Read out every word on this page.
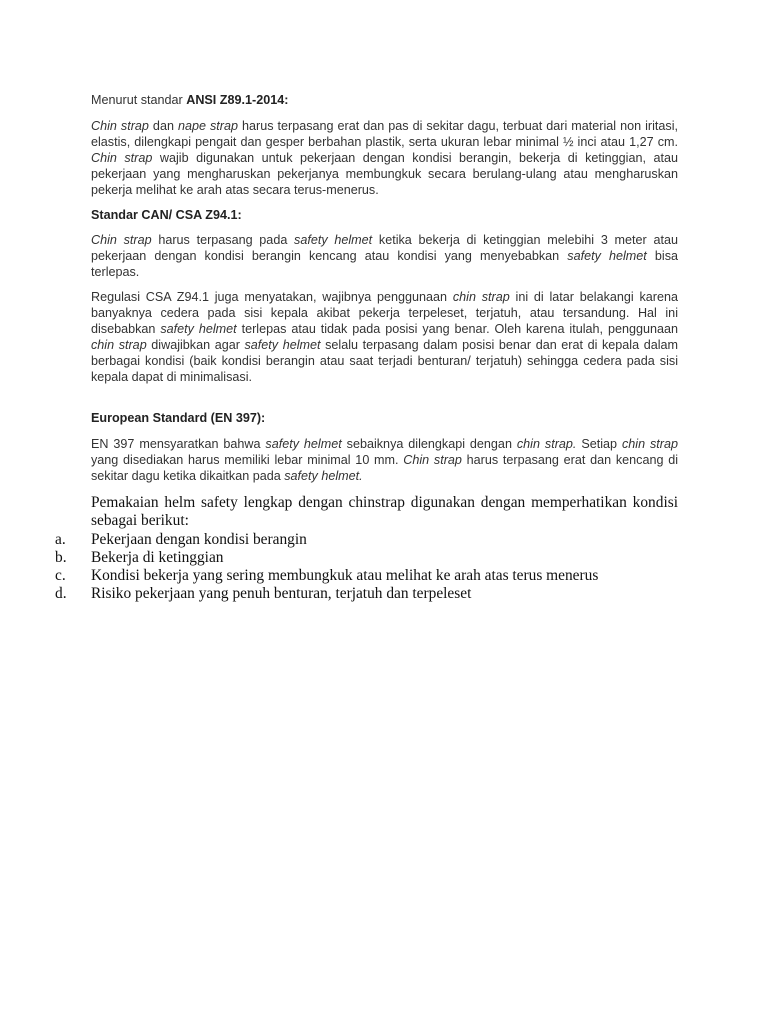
Menurut standar ANSI Z89.1-2014:

Chin strap dan nape strap harus terpasang erat dan pas di sekitar dagu, terbuat dari material non iritasi, elastis, dilengkapi pengait dan gesper berbahan plastik, serta ukuran lebar minimal ½ inci atau 1,27 cm. Chin strap wajib digunakan untuk pekerjaan dengan kondisi berangin, bekerja di ketinggian, atau pekerjaan yang mengharuskan pekerjanya membungkuk secara berulang-ulang atau mengharuskan pekerja melihat ke arah atas secara terus-menerus.

Standar CAN/ CSA Z94.1:

Chin strap harus terpasang pada safety helmet ketika bekerja di ketinggian melebihi 3 meter atau pekerjaan dengan kondisi berangin kencang atau kondisi yang menyebabkan safety helmet bisa terlepas.

Regulasi CSA Z94.1 juga menyatakan, wajibnya penggunaan chin strap ini di latar belakangi karena banyaknya cedera pada sisi kepala akibat pekerja terpeleset, terjatuh, atau tersandung. Hal ini disebabkan safety helmet terlepas atau tidak pada posisi yang benar. Oleh karena itulah, penggunaan chin strap diwajibkan agar safety helmet selalu terpasang dalam posisi benar dan erat di kepala dalam berbagai kondisi (baik kondisi berangin atau saat terjadi benturan/ terjatuh) sehingga cedera pada sisi kepala dapat di minimalisasi.

European Standard (EN 397):

EN 397 mensyaratkan bahwa safety helmet sebaiknya dilengkapi dengan chin strap. Setiap chin strap yang disediakan harus memiliki lebar minimal 10 mm. Chin strap harus terpasang erat dan kencang di sekitar dagu ketika dikaitkan pada safety helmet.

Pemakaian helm safety lengkap dengan chinstrap digunakan dengan memperhatikan kondisi sebagai berikut:

a. Pekerjaan dengan kondisi berangin
b. Bekerja di ketinggian
c. Kondisi bekerja yang sering membungkuk atau melihat ke arah atas terus menerus
d. Risiko pekerjaan yang penuh benturan, terjatuh dan terpeleset
